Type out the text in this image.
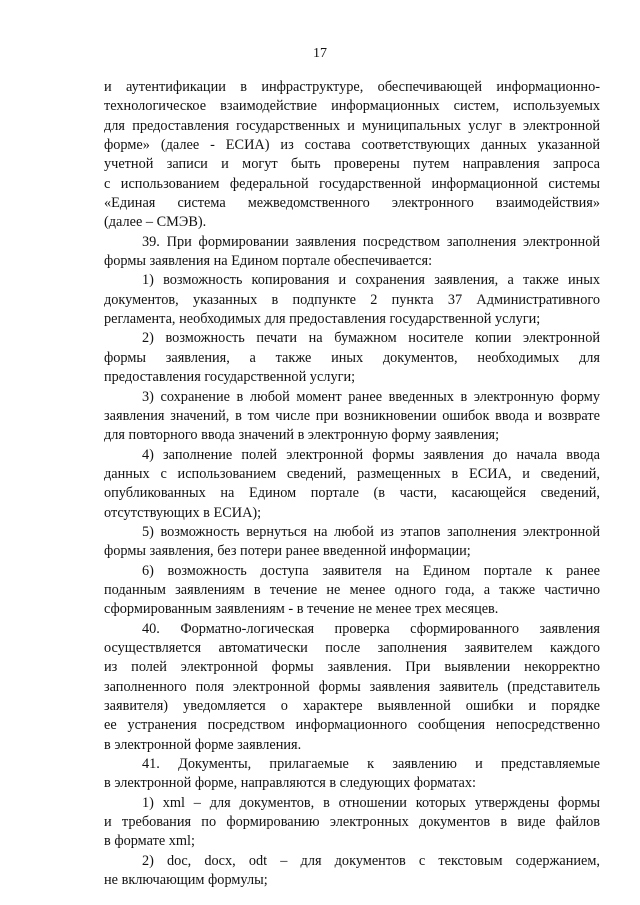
17
и аутентификации в инфраструктуре, обеспечивающей информационно-
технологическое взаимодействие информационных систем, используемых
для предоставления государственных и муниципальных услуг в электронной
форме» (далее - ЕСИА) из состава соответствующих данных указанной
учетной записи и могут быть проверены путем направления запроса
с использованием федеральной государственной информационной системы
«Единая система межведомственного электронного взаимодействия»
(далее – СМЭВ).
39. При формировании заявления посредством заполнения электронной
формы заявления на Едином портале обеспечивается:
1) возможность копирования и сохранения заявления, а также иных
документов, указанных в подпункте 2 пункта 37 Административного
регламента, необходимых для предоставления государственной услуги;
2) возможность печати на бумажном носителе копии электронной
формы заявления, а также иных документов, необходимых для
предоставления государственной услуги;
3) сохранение в любой момент ранее введенных в электронную форму
заявления значений, в том числе при возникновении ошибок ввода и возврате
для повторного ввода значений в электронную форму заявления;
4) заполнение полей электронной формы заявления до начала ввода
данных с использованием сведений, размещенных в ЕСИА, и сведений,
опубликованных на Едином портале (в части, касающейся сведений,
отсутствующих в ЕСИА);
5) возможность вернуться на любой из этапов заполнения электронной
формы заявления, без потери ранее введенной информации;
6) возможность доступа заявителя на Едином портале к ранее
поданным заявлениям в течение не менее одного года, а также частично
сформированным заявлениям - в течение не менее трех месяцев.
40. Форматно-логическая проверка сформированного заявления
осуществляется автоматически после заполнения заявителем каждого
из полей электронной формы заявления. При выявлении некорректно
заполненного поля электронной формы заявления заявитель (представитель
заявителя) уведомляется о характере выявленной ошибки и порядке
ее устранения посредством информационного сообщения непосредственно
в электронной форме заявления.
41. Документы, прилагаемые к заявлению и представляемые
в электронной форме, направляются в следующих форматах:
1) xml – для документов, в отношении которых утверждены формы
и требования по формированию электронных документов в виде файлов
в формате xml;
2) doc, docx, odt – для документов с текстовым содержанием,
не включающим формулы;
